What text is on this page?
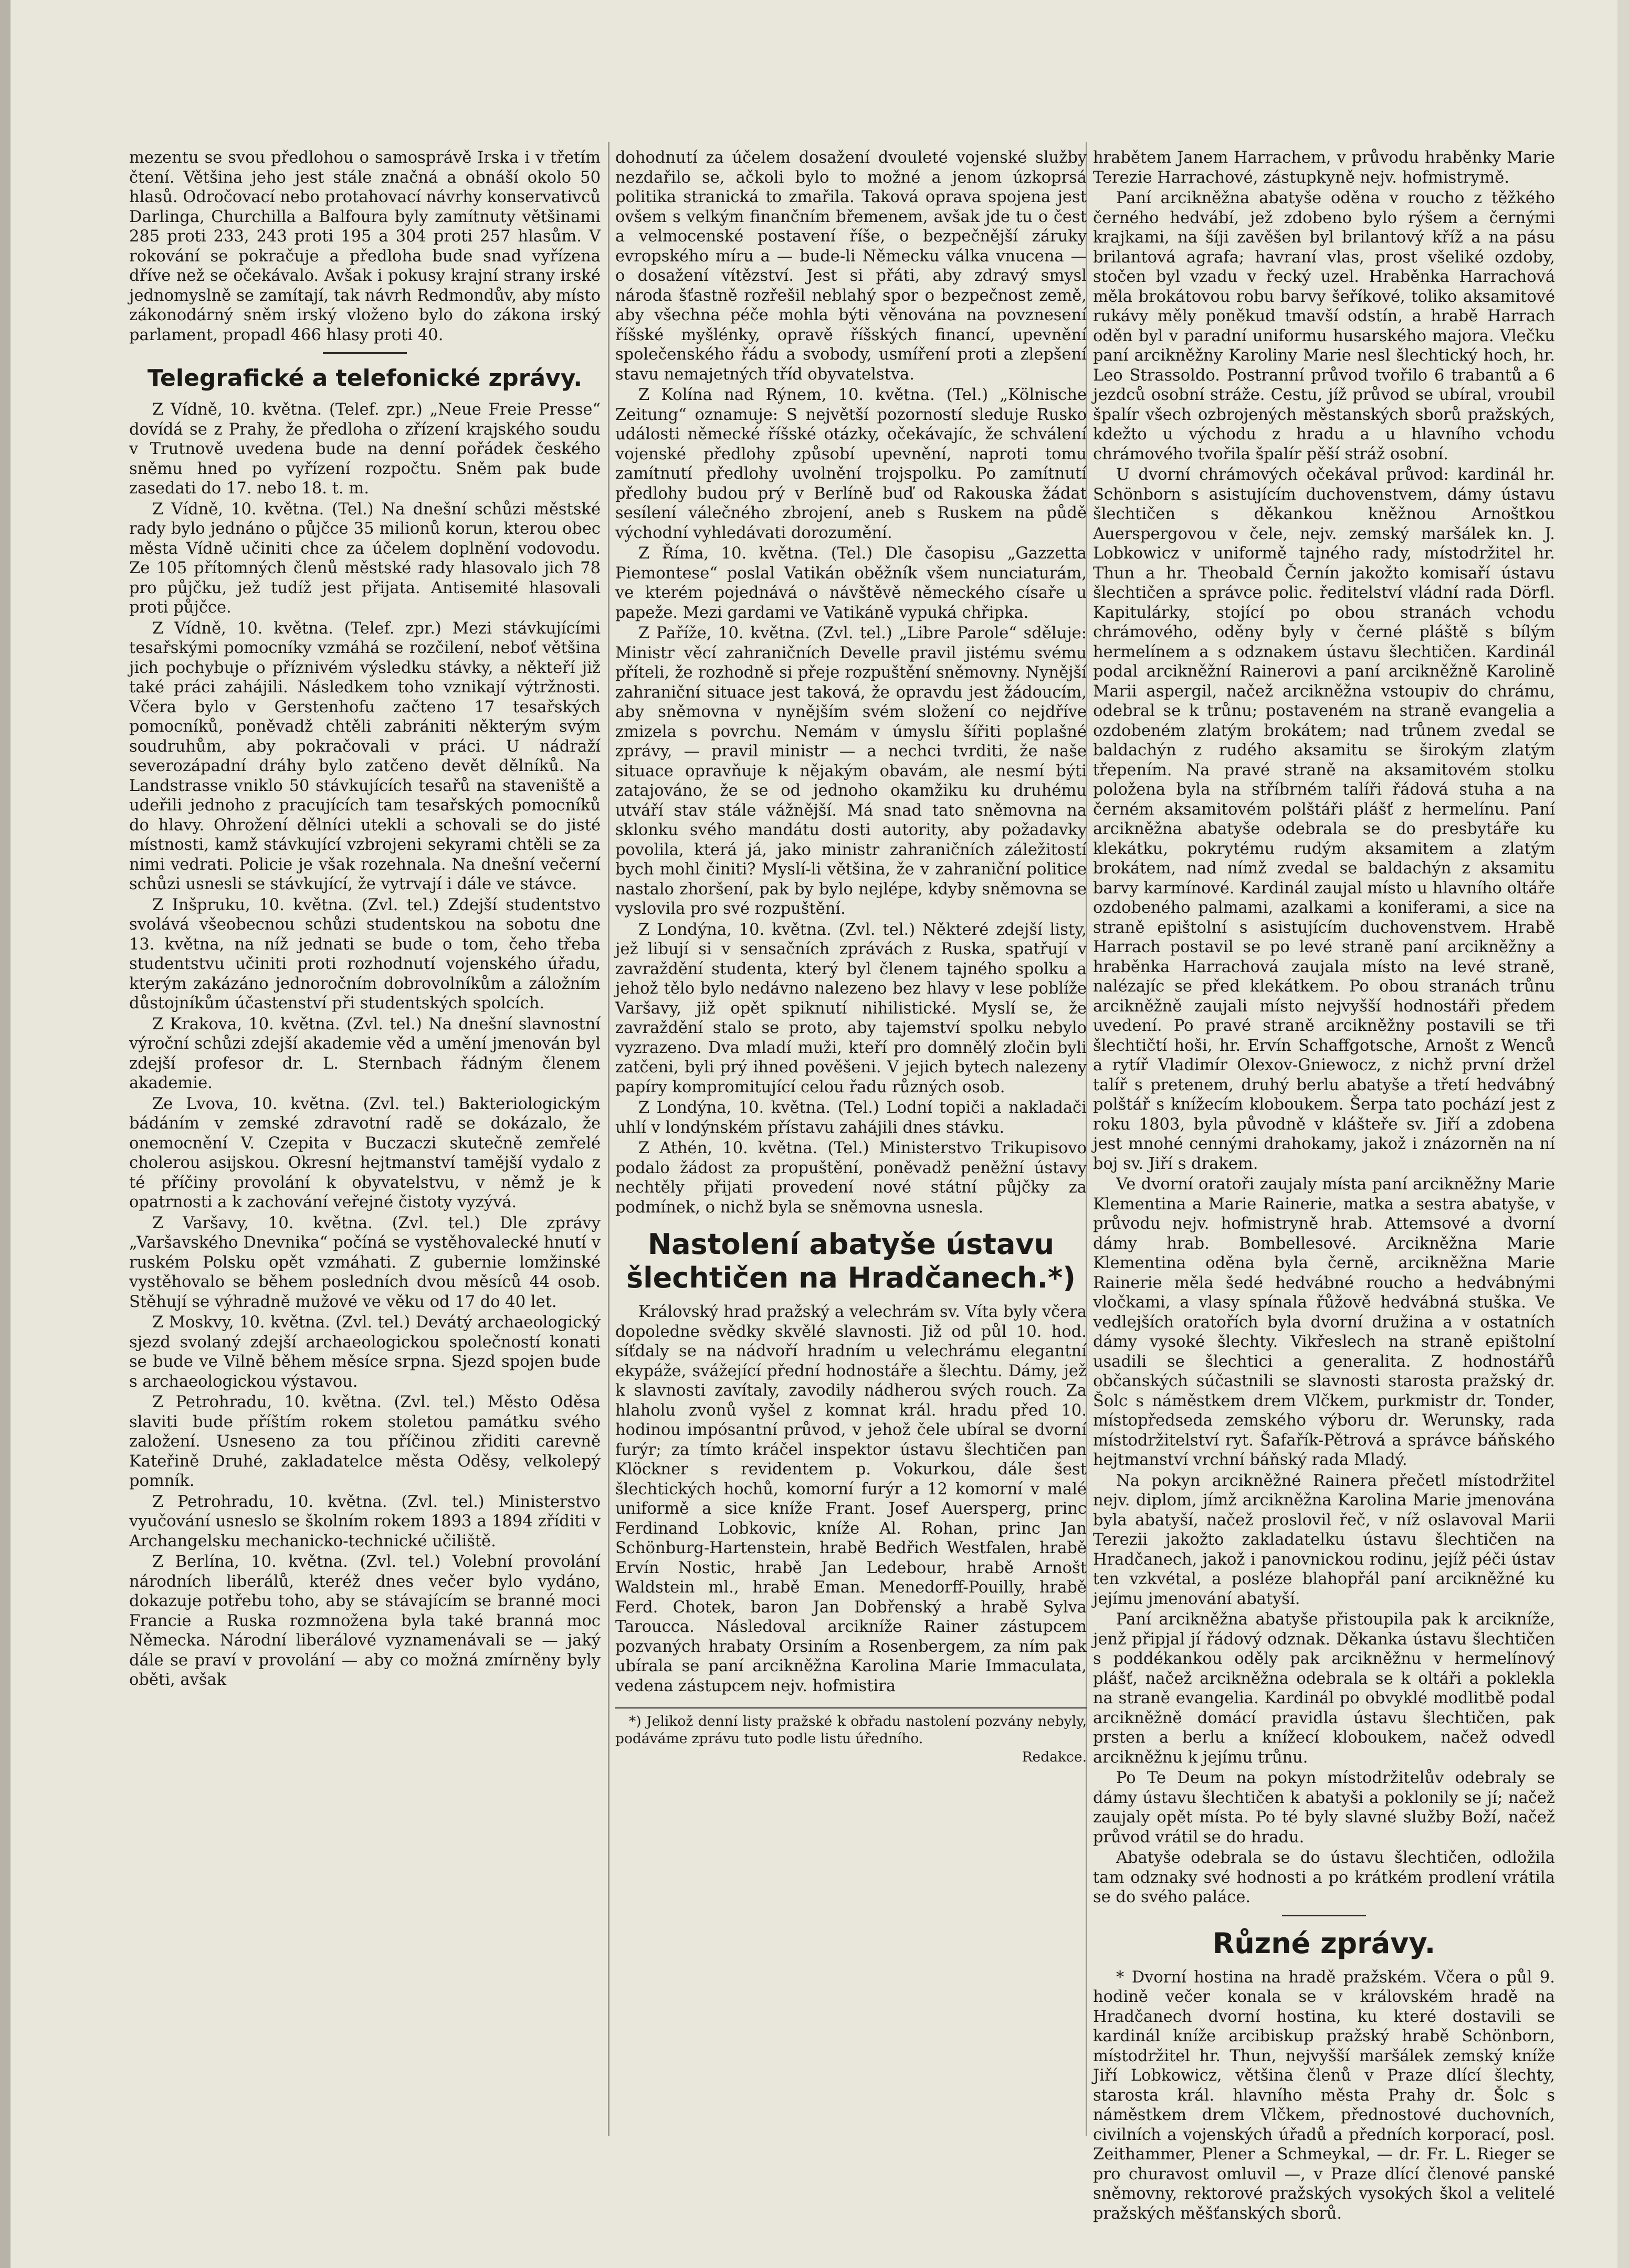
mezentu se svou předlohou o samosprávě Irska i v třetím čtení. Většina jeho jest stále značná a obnáší okolo 50 hlasů. Odročovací nebo protahovací návrhy konservativců Darlinga, Churchilla a Balfoura byly zamítnuty většinami 285 proti 233, 243 proti 195 a 304 proti 257 hlasům. V rokování se pokračuje a předloha bude snad vyřízena dříve než se očekávalo. Avšak i pokusy krajní strany irské jednomyslně se zamítají, tak návrh Redmondův, aby místo zákonodárný sněm irský vloženo bylo do zákona irský parlament, propadl 466 hlasy proti 40.

Telegrafické a telefonické zprávy.

Z Vídně, 10. května. (Telef. zpr.) „Neue Freie Presse“ dovídá se z Prahy, že předloha o zřízení krajského soudu v Trutnově uvedena bude na denní pořádek českého sněmu hned po vyřízení rozpočtu. Sněm pak bude zasedati do 17. nebo 18. t. m.

Z Vídně, 10. května. (Tel.) Na dnešní schůzi městské rady bylo jednáno o půjčce 35 milionů korun, kterou obec města Vídně učiniti chce za účelem doplnění vodovodu. Ze 105 přítomných členů městské rady hlasovalo jich 78 pro půjčku, jež tudíž jest přijata. Antisemité hlasovali proti půjčce.

Z Vídně, 10. května. (Telef. zpr.) Mezi stávkujícími tesařskými pomocníky vzmáhá se rozčilení, neboť většina jich pochybuje o příznivém výsledku stávky, a někteří již také práci zahájili. Následkem toho vznikají výtržnosti. Včera bylo v Gerstenhofu začteno 17 tesařských pomocníků, poněvadž chtěli zabrániti některým svým soudruhům, aby pokračovali v práci. U nádraží severozápadní dráhy bylo zatčeno devět dělníků. Na Landstrasse vniklo 50 stávkujících tesařů na staveniště a udeřili jednoho z pracujících tam tesařských pomocníků do hlavy. Ohrožení dělníci utekli a schovali se do jisté místnosti, kamž stávkující vzbrojeni sekyrami chtěli se za nimi vedrati. Policie je však rozehnala. Na dnešní večerní schůzi usnesli se stávkující, že vytrvají i dále ve stávce.

Z Inšpruku, 10. května. (Zvl. tel.) Zdejší studentstvo svolává všeobecnou schůzi studentskou na sobotu dne 13. května, na níž jednati se bude o tom, čeho třeba studentstvu učiniti proti rozhodnutí vojenského úřadu, kterým zakázáno jednoročním dobrovolníkům a záložním důstojníkům účastenství při studentských spolcích.

Z Krakova, 10. května. (Zvl. tel.) Na dnešní slavnostní výroční schůzi zdejší akademie věd a umění jmenován byl zdejší profesor dr. L. Sternbach řádným členem akademie.

Ze Lvova, 10. května. (Zvl. tel.) Bakteriologickým bádáním v zemské zdravotní radě se dokázalo, že onemocnění V. Czepita v Buczaczi skutečně zemřelé cholerou asijskou. Okresní hejtmanství tamější vydalo z té příčiny provolání k obyvatelstvu, v němž je k opatrnosti a k zachování veřejné čistoty vyzývá.

Z Varšavy, 10. května. (Zvl. tel.) Dle zprávy „Varšavského Dnevnika“ počíná se vystěhovalecké hnutí v ruském Polsku opět vzmáhati. Z gubernie lomžinské vystěhovalo se během posledních dvou měsíců 44 osob. Stěhují se výhradně mužové ve věku od 17 do 40 let.

Z Moskvy, 10. května. (Zvl. tel.) Devátý archaeologický sjezd svolaný zdejší archaeologickou společností konati se bude ve Vilně během měsíce srpna. Sjezd spojen bude s archaeologickou výstavou.

Z Petrohradu, 10. května. (Zvl. tel.) Město Oděsa slaviti bude příštím rokem stoletou památku svého založení. Usneseno za tou příčinou zřiditi carevně Kateřině Druhé, zakladatelce města Oděsy, velkolepý pomník.

Z Petrohradu, 10. května. (Zvl. tel.) Ministerstvo vyučování usneslo se školním rokem 1893 a 1894 zříditi v Archangelsku mechanicko-technické učiliště.

Z Berlína, 10. května. (Zvl. tel.) Volební provolání národních liberálů, kteréž dnes večer bylo vydáno, dokazuje potřebu toho, aby se stávajícím se branné moci Francie a Ruska rozmnožena byla také branná moc Německa. Národní liberálové vyznamenávali se — jaký dále se praví v provolání — aby co možná zmírněny byly oběti, avšak

dohodnutí za účelem dosažení dvouleté vojenské služby nezdařilo se, ačkoli bylo to možné a jenom úzkoprsá politika stranická to zmařila. Taková oprava spojena jest ovšem s velkým finančním břemenem, avšak jde tu o čest a velmocenské postavení říše, o bezpečnější záruky evropského míru a — bude-li Německu válka vnucena — o dosažení vítězství. Jest si přáti, aby zdravý smysl národa šťastně rozřešil neblahý spor o bezpečnost země, aby všechna péče mohla býti věnována na povznesení říšské myšlénky, opravě říšských financí, upevnění společenského řádu a svobody, usmíření proti a zlepšení stavu nemajetných tříd obyvatelstva.

Z Kolína nad Rýnem, 10. května. (Tel.) „Kölnische Zeitung“ oznamuje: S největší pozorností sleduje Rusko události německé říšské otázky, očekávajíc, že schválení vojenské předlohy způsobí upevnění, naproti tomu zamítnutí předlohy uvolnění trojspolku. Po zamítnutí předlohy budou prý v Berlíně buď od Rakouska žádat sesílení válečného zbrojení, aneb s Ruskem na půdě východní vyhledávati dorozumění.

Z Říma, 10. května. (Tel.) Dle časopisu „Gazzetta Piemontese“ poslal Vatikán oběžník všem nunciaturám, ve kterém pojednává o návštěvě německého císaře u papeže. Mezi gardami ve Vatikáně vypuká chřipka.

Z Paříže, 10. května. (Zvl. tel.) „Libre Parole“ sděluje: Ministr věcí zahraničních Develle pravil jistému svému příteli, že rozhodně si přeje rozpuštění sněmovny. Nynější zahraniční situace jest taková, že opravdu jest žádoucím, aby sněmovna v nynějším svém složení co nejdříve zmizela s povrchu. Nemám v úmyslu šířiti poplašné zprávy, — pravil ministr — a nechci tvrditi, že naše situace opravňuje k nějakým obavám, ale nesmí býti zatajováno, že se od jednoho okamžiku ku druhému utváří stav stále vážnější. Má snad tato sněmovna na sklonku svého mandátu dosti autority, aby požadavky povolila, která já, jako ministr zahraničních záležitostí bych mohl činiti? Myslí-li většina, že v zahraniční politice nastalo zhoršení, pak by bylo nejlépe, kdyby sněmovna se vyslovila pro své rozpuštění.

Z Londýna, 10. května. (Zvl. tel.) Některé zdejší listy, jež libují si v sensačních zprávách z Ruska, spatřují v zavraždění studenta, který byl členem tajného spolku a jehož tělo bylo nedávno nalezeno bez hlavy v lese poblíže Varšavy, již opět spiknutí nihilistické. Myslí se, že zavraždění stalo se proto, aby tajemství spolku nebylo vyzrazeno. Dva mladí muži, kteří pro domnělý zločin byli zatčeni, byli prý ihned pověšeni. V jejich bytech nalezeny papíry kompromitující celou řadu různých osob.

Z Londýna, 10. května. (Tel.) Lodní topiči a nakladači uhlí v londýnském přístavu zahájili dnes stávku.

Z Athén, 10. května. (Tel.) Ministerstvo Trikupisovo podalo žádost za propuštění, poněvadž peněžní ústavy nechtěly přijati provedení nové státní půjčky za podmínek, o nichž byla se sněmovna usnesla.

Nastolení abatyše ústavu šlechtičen na Hradčanech.*)

Královský hrad pražský a velechrám sv. Víta byly včera dopoledne svědky skvělé slavnosti. Již od půl 10. hod. síťdaly se na nádvoří hradním u velechrámu elegantní ekypáže, svážející přední hodnostáře a šlechtu. Dámy, jež k slavnosti zavítaly, zavodily nádherou svých rouch. Za hlaholu zvonů vyšel z komnat král. hradu před 10. hodinou impósantní průvod, v jehož čele ubíral se dvorní furýr; za tímto kráčel inspektor ústavu šlechtičen pan Klöckner s revidentem p. Vokurkou, dále šest šlechtických hochů, komorní furýr a 12 komorní v malé uniformě a sice kníže Frant. Josef Auersperg, princ Ferdinand Lobkovic, kníže Al. Rohan, princ Jan Schönburg-Hartenstein, hrabě Bedřich Westfalen, hrabě Ervín Nostic, hrabě Jan Ledebour, hrabě Arnošt Waldstein ml., hrabě Eman. Menedorff-Pouilly, hrabě Ferd. Chotek, baron Jan Dobřenský a hrabě Sylva Taroucca. Následoval arcikníže Rainer zástupcem pozvaných hrabaty Orsiním a Rosenbergem, za ním pak ubírala se paní arcikněžna Karolina Marie Immaculata, vedena zástupcem nejv. hofmistira

*) Jelikož denní listy pražské k obřadu nastolení pozvány nebyly, podáváme zprávu tuto podle listu úředního.

Redakce.

hrabětem Janem Harrachem, v průvodu hraběnky Marie Terezie Harrachové, zástupkyně nejv. hofmistrymě.

Paní arcikněžna abatyše oděna v roucho z těžkého černého hedvábí, jež zdobeno bylo rýšem a černými krajkami, na šíji zavěšen byl brilantový kříž a na pásu brilantová agrafa; havraní vlas, prost všeliké ozdoby, stočen byl vzadu v řecký uzel. Hraběnka Harrachová měla brokátovou robu barvy šeříkové, toliko aksamitové rukávy měly poněkud tmavší odstín, a hrabě Harrach oděn byl v paradní uniformu husarského majora. Vlečku paní arcikněžny Karoliny Marie nesl šlechtický hoch, hr. Leo Strassoldo. Postranní průvod tvořilo 6 trabantů a 6 jezdců osobní stráže. Cestu, jíž průvod se ubíral, vroubil špalír všech ozbrojených městanských sborů pražských, kdežto u východu z hradu a u hlavního vchodu chrámového tvořila špalír pěší stráž osobní.

U dvorní chrámových očekával průvod: kardinál hr. Schönborn s asistujícím duchovenstvem, dámy ústavu šlechtičen s děkankou kněžnou Arnoštkou Auerspergovou v čele, nejv. zemský maršálek kn. J. Lobkowicz v uniformě tajného rady, místodržitel hr. Thun a hr. Theobald Černín jakožto komisaří ústavu šlechtičen a správce polic. ředitelství vládní rada Dörfl. Kapitulárky, stojící po obou stranách vchodu chrámového, oděny byly v černé pláště s bílým hermelínem a s odznakem ústavu šlechtičen. Kardinál podal arcikněžní Rainerovi a paní arcikněžně Karolině Marii aspergil, načež arcikněžna vstoupiv do chrámu, odebral se k trůnu; postaveném na straně evangelia a ozdobeném zlatým brokátem; nad trůnem zvedal se baldachýn z rudého aksamitu se širokým zlatým třepením. Na pravé straně na aksamitovém stolku položena byla na stříbrném talíři řádová stuha a na černém aksamitovém polštáři plášť z hermelínu. Paní arcikněžna abatyše odebrala se do presbytáře ku klekátku, pokrytému rudým aksamitem a zlatým brokátem, nad nímž zvedal se baldachýn z aksamitu barvy karmínové. Kardinál zaujal místo u hlavního oltáře ozdobeného palmami, azalkami a koniferami, a sice na straně epištolní s asistujícím duchovenstvem. Hrabě Harrach postavil se po levé straně paní arcikněžny a hraběnka Harrachová zaujala místo na levé straně, nalézajíc se před klekátkem. Po obou stranách trůnu arcikněžně zaujali místo nejvyšší hodnostáři předem uvedení. Po pravé straně arcikněžny postavili se tři šlechtičtí hoši, hr. Ervín Schaffgotsche, Arnošt z Wenců a rytíř Vladimír Olexov-Gniewocz, z nichž první držel talíř s pretenem, druhý berlu abatyše a třetí hedvábný polštář s knížecím kloboukem. Šerpa tato pochází jest z roku 1803, byla původně v klášteře sv. Jiří a zdobena jest mnohé cennými drahokamy, jakož i znázorněn na ní boj sv. Jiří s drakem.

Ve dvorní oratoři zaujaly místa paní arcikněžny Marie Klementina a Marie Rainerie, matka a sestra abatyše, v průvodu nejv. hofmistryně hrab. Attemsové a dvorní dámy hrab. Bombellesové. Arcikněžna Marie Klementina oděna byla černě, arcikněžna Marie Rainerie měla šedé hedvábné roucho a hedvábnými vločkami, a vlasy spínala řůžově hedvábná stuška. Ve vedlejších oratořích byla dvorní družina a v ostatních dámy vysoké šlechty. Vikřeslech na straně epištolní usadili se šlechtici a generalita. Z hodnostářů občanských súčastnili se slavnosti starosta pražský dr. Šolc s náměstkem drem Vlčkem, purkmistr dr. Tonder, místopředseda zemského výboru dr. Werunsky, rada místodržitelství ryt. Šafařík-Pětrová a správce báňského hejtmanství vrchní báňský rada Mladý.

Na pokyn arcikněžné Rainera přečetl místodržitel nejv. diplom, jímž arcikněžna Karolina Marie jmenována byla abatyší, načež proslovil řeč, v níž oslavoval Marii Terezii jakožto zakladatelku ústavu šlechtičen na Hradčanech, jakož i panovnickou rodinu, jejíž péči ústav ten vzkvétal, a posléze blahopřál paní arcikněžné ku jejímu jmenování abatyší.

Paní arcikněžna abatyše přistoupila pak k arcikníže, jenž připjal jí řádový odznak. Děkanka ústavu šlechtičen s poddékankou oděly pak arcikněžnu v hermelínový plášť, načež arcikněžna odebrala se k oltáři a poklekla na straně evangelia. Kardinál po obvyklé modlitbě podal arcikněžně domácí pravidla ústavu šlechtičen, pak prsten a berlu a knížecí kloboukem, načež odvedl arcikněžnu k jejímu trůnu.

Po Te Deum na pokyn místodržitelův odebraly se dámy ústavu šlechtičen k abatyši a poklonily se jí; načež zaujaly opět místa. Po té byly slavné služby Boží, načež průvod vrátil se do hradu.

Abatyše odebrala se do ústavu šlechtičen, odložila tam odznaky své hodnosti a po krátkém prodlení vrátila se do svého paláce.

Různé zprávy.

* Dvorní hostina na hradě pražském. Včera o půl 9. hodině večer konala se v královském hradě na Hradčanech dvorní hostina, ku které dostavili se kardinál kníže arcibiskup pražský hrabě Schönborn, místodržitel hr. Thun, nejvyšší maršálek zemský kníže Jiří Lobkowicz, většina členů v Praze dlící šlechty, starosta král. hlavního města Prahy dr. Šolc s náměstkem drem Vlčkem, přednostové duchovních, civilních a vojenských úřadů a předních korporací, posl. Zeithammer, Plener a Schmeykal, — dr. Fr. L. Rieger se pro churavost omluvil —, v Praze dlící členové panské sněmovny, rektorové pražských vysokých škol a velitelé pražských měšťanských sborů.
